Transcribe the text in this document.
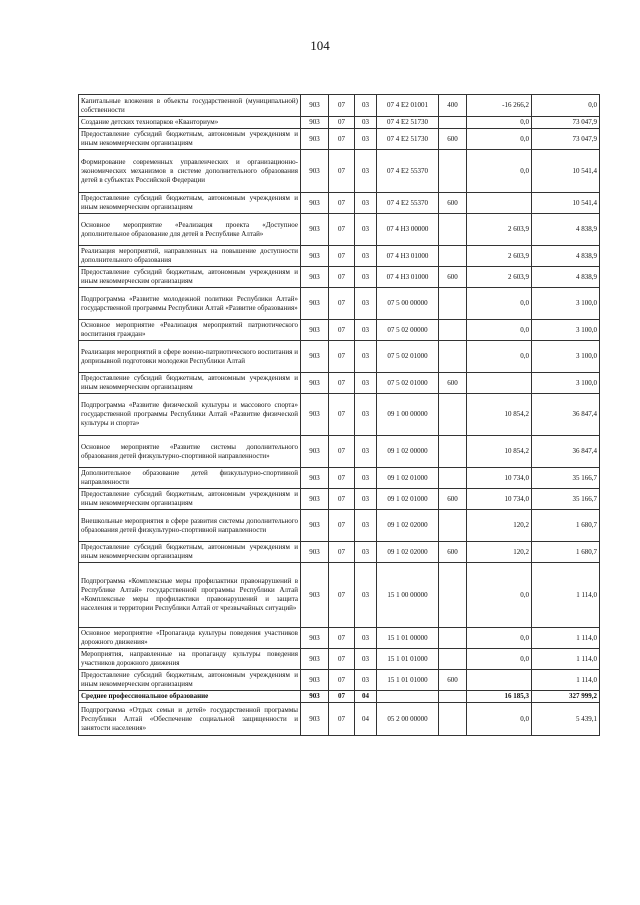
104
Капитальные вложения в объекты государственной (муниципальной) собственности	903	07	03	07 4 Е2 01001	400	-16 266,2	0,0
Создание детских технопарков «Кванториум»	903	07	03	07 4 Е2 51730		0,0	73 047,9
Предоставление субсидий бюджетным, автономным учреждениям и иным некоммерческим организациям	903	07	03	07 4 Е2 51730	600	0,0	73 047,9
Формирование современных управленческих и организационно-экономических механизмов в системе дополнительного образования детей в субъектах Российской Федерации	903	07	03	07 4 Е2 55370		0,0	10 541,4
Предоставление субсидий бюджетным, автономным учреждениям и иным некоммерческим организациям	903	07	03	07 4 Е2 55370	600		10 541,4
Основное мероприятие «Реализация проекта «Доступное дополнительное образование для детей в Республике Алтай»	903	07	03	07 4 Н3 00000		2 603,9	4 838,9
Реализация мероприятий, направленных на повышение доступности дополнительного образования	903	07	03	07 4 Н3 01000		2 603,9	4 838,9
Предоставление субсидий бюджетным, автономным учреждениям и иным некоммерческим организациям	903	07	03	07 4 Н3 01000	600	2 603,9	4 838,9
Подпрограмма «Развитие молодежной политики Республики Алтай» государственной программы Республики Алтай «Развитие образования»	903	07	03	07 5 00 00000		0,0	3 100,0
Основное мероприятие «Реализация мероприятий патриотического воспитания граждан»	903	07	03	07 5 02 00000		0,0	3 100,0
Реализация мероприятий в сфере военно-патриотического воспитания и допризывной подготовки молодежи Республики Алтай	903	07	03	07 5 02 01000		0,0	3 100,0
Предоставление субсидий бюджетным, автономным учреждениям и иным некоммерческим организациям	903	07	03	07 5 02 01000	600		3 100,0
Подпрограмма «Развитие физической культуры и массового спорта» государственной программы Республики Алтай «Развитие физической культуры и спорта»	903	07	03	09 1 00 00000		10 854,2	36 847,4
Основное мероприятие «Развитие системы дополнительного образования детей физкультурно-спортивной направленности»	903	07	03	09 1 02 00000		10 854,2	36 847,4
Дополнительное образование детей физкультурно-спортивной направленности	903	07	03	09 1 02 01000		10 734,0	35 166,7
Предоставление субсидий бюджетным, автономным учреждениям и иным некоммерческим организациям	903	07	03	09 1 02 01000	600	10 734,0	35 166,7
Внешкольные мероприятия в сфере развития системы дополнительного образования детей физкультурно-спортивной направленности	903	07	03	09 1 02 02000		120,2	1 680,7
Предоставление субсидий бюджетным, автономным учреждениям и иным некоммерческим организациям	903	07	03	09 1 02 02000	600	120,2	1 680,7
Подпрограмма «Комплексные меры профилактики правонарушений в Республике Алтай» государственной программы Республики Алтай «Комплексные меры профилактики правонарушений и защита населения и территории Республики Алтай от чрезвычайных ситуаций»	903	07	03	15 1 00 00000		0,0	1 114,0
Основное мероприятие «Пропаганда культуры поведения участников дорожного движения»	903	07	03	15 1 01 00000		0,0	1 114,0
Мероприятия, направленные на пропаганду культуры поведения участников дорожного движения	903	07	03	15 1 01 01000		0,0	1 114,0
Предоставление субсидий бюджетным, автономным учреждениям и иным некоммерческим организациям	903	07	03	15 1 01 01000	600		1 114,0
Среднее профессиональное образование	903	07	04			16 185,3	327 999,2
Подпрограмма «Отдых семьи и детей» государственной программы Республики Алтай «Обеспечение социальной защищенности и занятости населения»	903	07	04	05 2 00 00000		0,0	5 439,1
